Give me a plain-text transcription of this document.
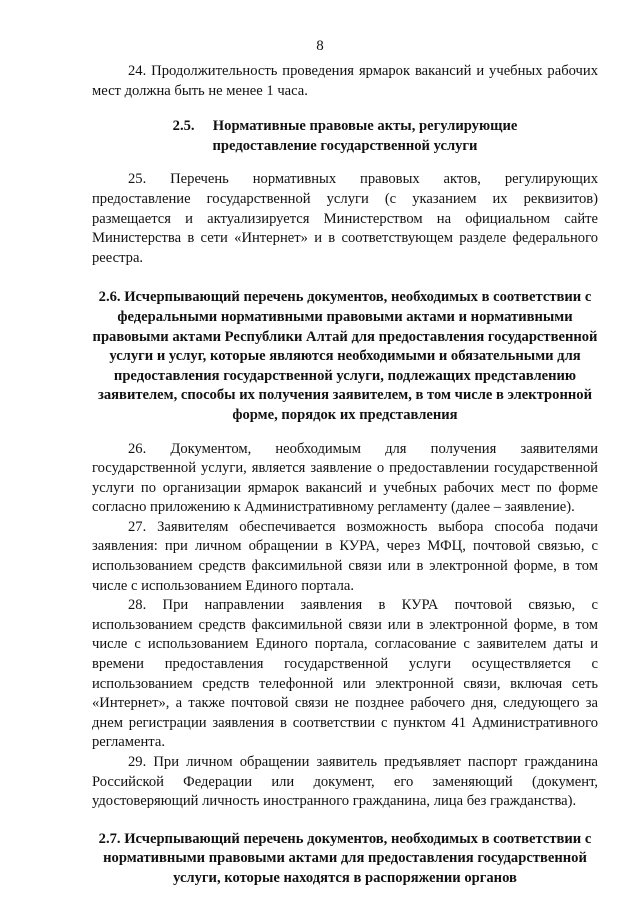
8

24. Продолжительность проведения ярмарок вакансий и учебных рабочих мест должна быть не менее 1 часа.

2.5.     Нормативные правовые акты, регулирующие
предоставление государственной услуги

25. Перечень нормативных правовых актов, регулирующих предоставление государственной услуги (с указанием их реквизитов) размещается и актуализируется Министерством на официальном сайте Министерства в сети «Интернет» и в соответствующем разделе федерального реестра.

2.6. Исчерпывающий перечень документов, необходимых в соответствии с федеральными нормативными правовыми актами и нормативными правовыми актами Республики Алтай для предоставления государственной услуги и услуг, которые являются необходимыми и обязательными для предоставления государственной услуги, подлежащих представлению заявителем, способы их получения заявителем, в том числе в электронной форме, порядок их представления

26. Документом, необходимым для получения заявителями государственной услуги, является заявление о предоставлении государственной услуги по организации ярмарок вакансий и учебных рабочих мест по форме согласно приложению к Административному регламенту (далее – заявление).

27. Заявителям обеспечивается возможность выбора способа подачи заявления: при личном обращении в КУРА, через МФЦ, почтовой связью, с использованием средств факсимильной связи или в электронной форме, в том числе с использованием Единого портала.

28. При направлении заявления в КУРА почтовой связью, с использованием средств факсимильной связи или в электронной форме, в том числе с использованием Единого портала, согласование с заявителем даты и времени предоставления государственной услуги осуществляется с использованием средств телефонной или электронной связи, включая сеть «Интернет», а также почтовой связи не позднее рабочего дня, следующего за днем регистрации заявления в соответствии с пунктом 41 Административного регламента.

29. При личном обращении заявитель предъявляет паспорт гражданина Российской Федерации или документ, его заменяющий (документ, удостоверяющий личность иностранного гражданина, лица без гражданства).

2.7. Исчерпывающий перечень документов, необходимых в соответствии с нормативными правовыми актами для предоставления государственной услуги, которые находятся в распоряжении органов
